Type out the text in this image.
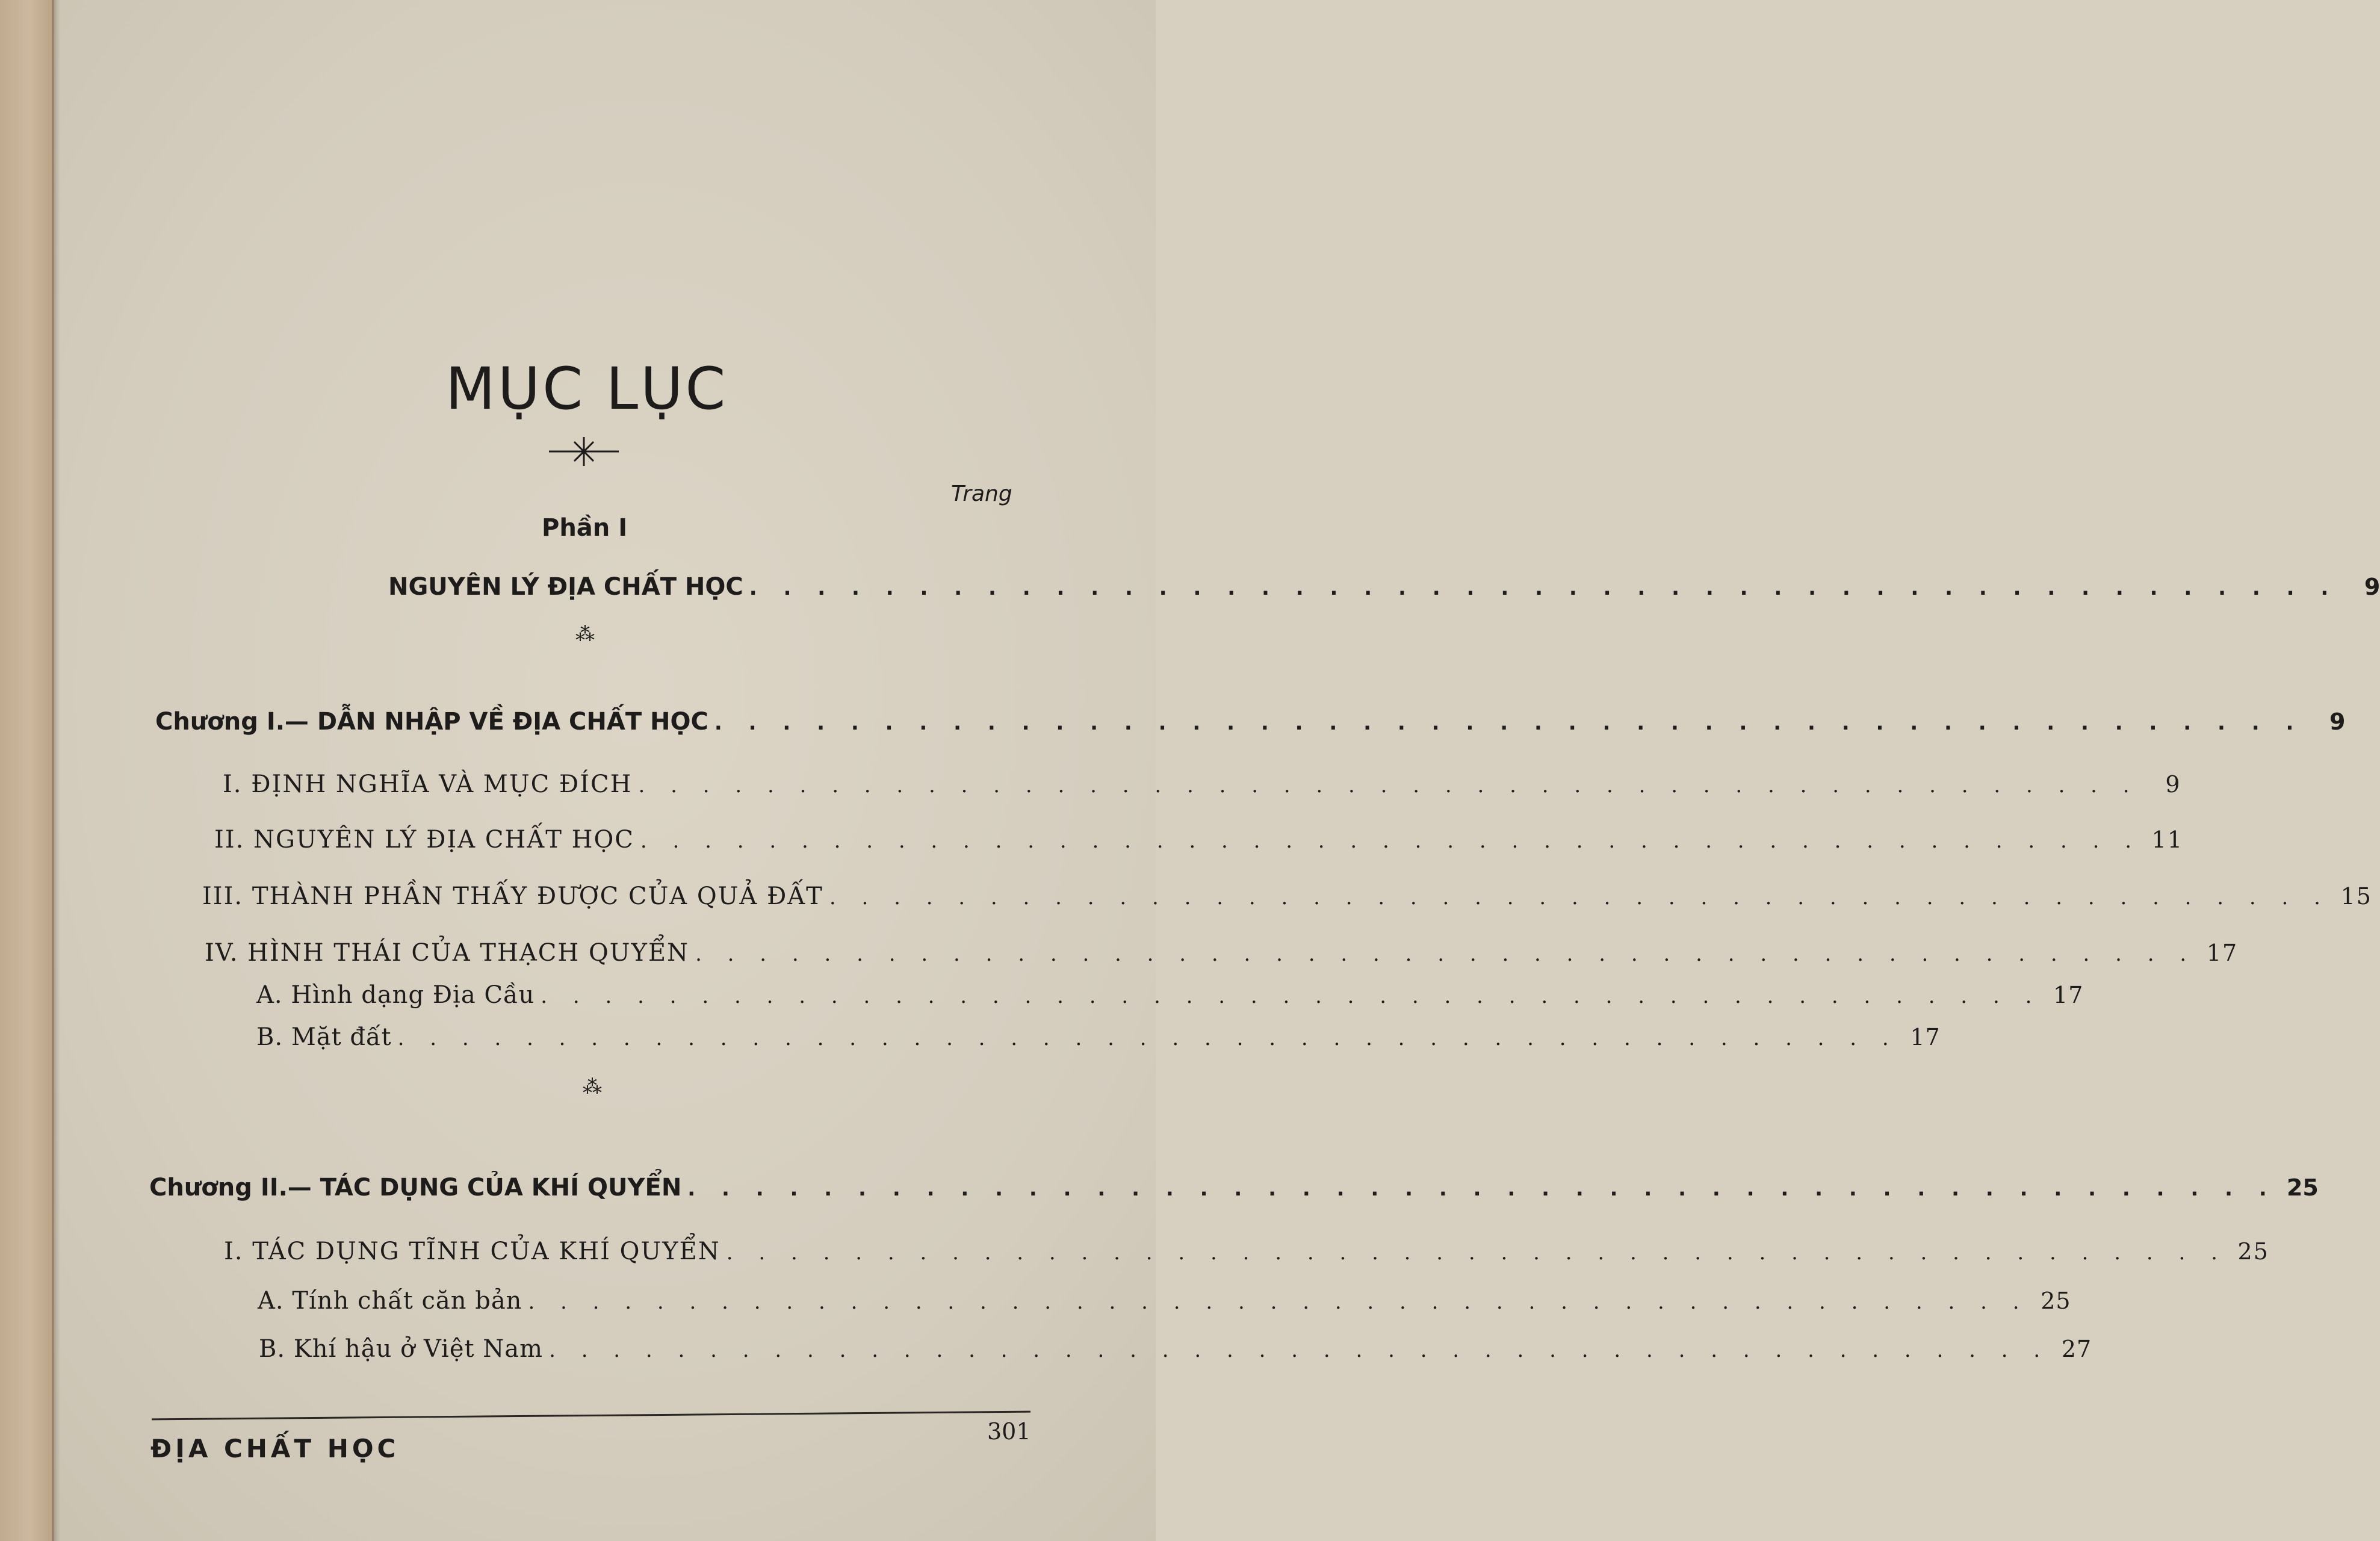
MỤC LỤC
Trang
Phần I
NGUYÊN LÝ ĐỊA CHẤT HỌC . . . . . . . . . . . . . . . . . . . . . . . . . . . . . . . . . . . . . . . . . . . . . . .	9
⁂
Chương I.— DẪN NHẬP VỀ ĐỊA CHẤT HỌC . . . . . . . . . . . . . . . . . . . . . . . . . . . . . . . . . . . . . . . . . . . . . . .	9
I. ĐỊNH NGHĨA VÀ MỤC ĐÍCH . . . . . . . . . . . . . . . . . . . . . . . . . . . . . . . . . . . . . . . . . . . . . . .	9
II. NGUYÊN LÝ ĐỊA CHẤT HỌC . . . . . . . . . . . . . . . . . . . . . . . . . . . . . . . . . . . . . . . . . . . . . . . 11
III. THÀNH PHẦN THẤY ĐƯỢC CỦA QUẢ ĐẤT . . . . . . . . . . . . . . . . . . . . . . . . . . . . . . . . . . . . . . . . . . . . . . . 15
IV. HÌNH THÁI CỦA THẠCH QUYỂN . . . . . . . . . . . . . . . . . . . . . . . . . . . . . . . . . . . . . . . . . . . . . . . 17
A. Hình dạng Địa Cầu . . . . . . . . . . . . . . . . . . . . . . . . . . . . . . . . . . . . . . . . . . . . . . . 17
B. Mặt đất . . . . . . . . . . . . . . . . . . . . . . . . . . . . . . . . . . . . . . . . . . . . . . . 17
⁂
Chương II.— TÁC DỤNG CỦA KHÍ QUYỂN . . . . . . . . . . . . . . . . . . . . . . . . . . . . . . . . . . . . . . . . . . . . . . . 25
I. TÁC DỤNG TĨNH CỦA KHÍ QUYỂN . . . . . . . . . . . . . . . . . . . . . . . . . . . . . . . . . . . . . . . . . . . . . . . 25
A. Tính chất căn bản . . . . . . . . . . . . . . . . . . . . . . . . . . . . . . . . . . . . . . . . . . . . . . . 25
B. Khí hậu ở Việt Nam . . . . . . . . . . . . . . . . . . . . . . . . . . . . . . . . . . . . . . . . . . . . . . . 27
ĐỊA CHẤT HỌC
301
